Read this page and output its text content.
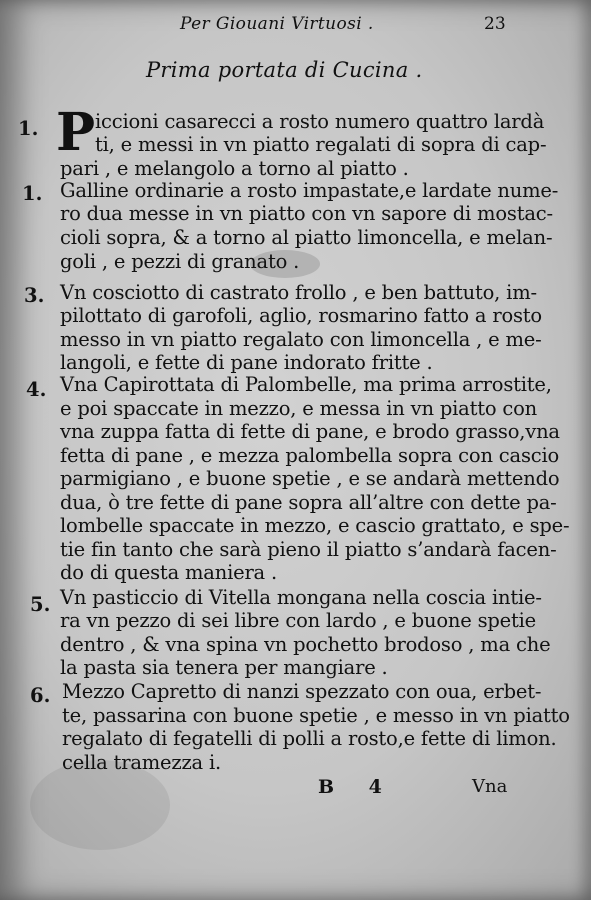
Per Giouani Virtuosi .	23
Prima portata di Cucina .
1. P iccioni casarecci a rosto numero quattro lardà
ti, e messi in vn piatto regalati di sopra di cap-
pari , e melangolo a torno al piatto .
1. Galline ordinarie a rosto impastate,e lardate nume-
ro dua messe in vn piatto con vn sapore di mostac-
cioli sopra, & a torno al piatto limoncella, e melan-
goli , e pezzi di granato .
3. Vn cosciotto di castrato frollo , e ben battuto, im-
pilottato di garofoli, aglio, rosmarino fatto a rosto
messo in vn piatto regalato con limoncella , e me-
langoli, e fette di pane indorato fritte .
4. Vna Capirottata di Palombelle, ma prima arrostite,
e poi spaccate in mezzo, e messa in vn piatto con
vna zuppa fatta di fette di pane, e brodo grasso,vna
fetta di pane , e mezza palombella sopra con cascio
parmigiano , e buone spetie , e se andarà mettendo
dua, ò tre fette di pane sopra all’altre con dette pa-
lombelle spaccate in mezzo, e cascio grattato, e spe-
tie fin tanto che sarà pieno il piatto s’andarà facen-
do di questa maniera .
5. Vn pasticcio di Vitella mongana nella coscia intie-
ra vn pezzo di sei libre con lardo , e buone spetie
dentro , & vna spina vn pochetto brodoso , ma che
la pasta sia tenera per mangiare .
6. Mezzo Capretto di nanzi spezzato con oua, erbet-
te, passarina con buone spetie , e messo in vn piatto
regalato di fegatelli di polli a rosto,e fette di limon.
cella tramezza i.
B 4	Vna
